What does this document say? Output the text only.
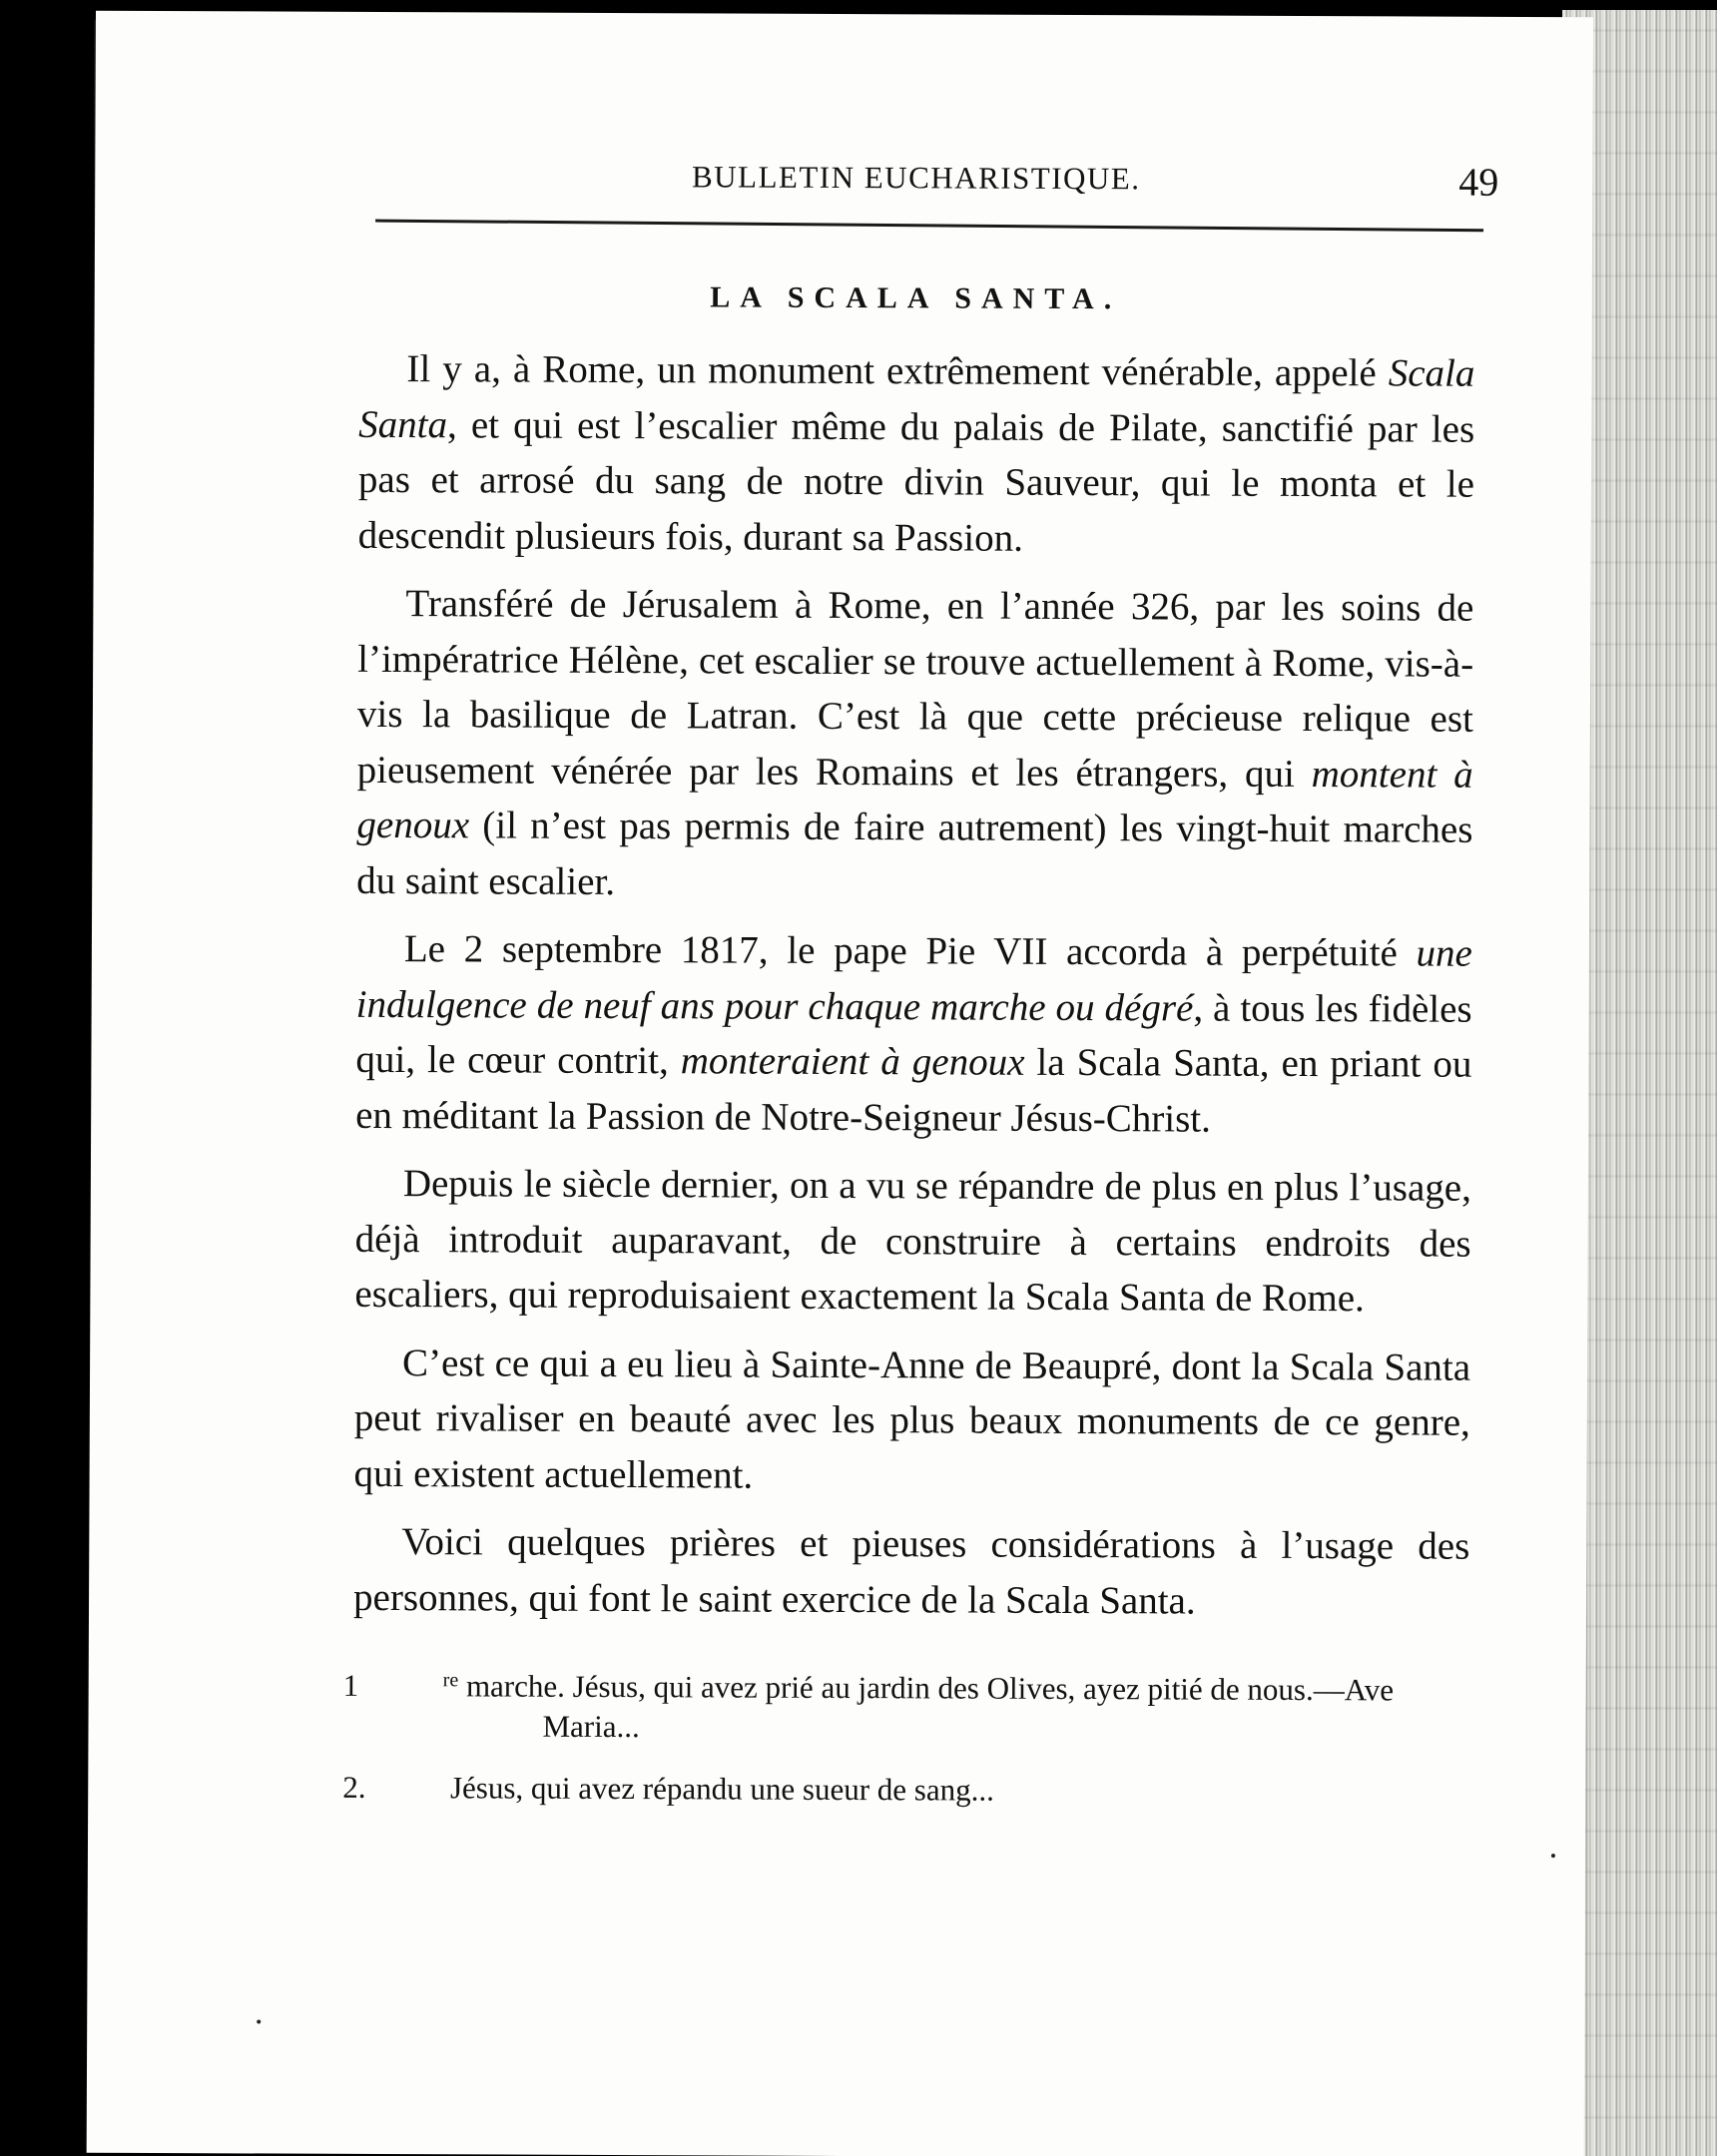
BULLETIN EUCHARISTIQUE.	49
LA SCALA SANTA.

Il y a, à Rome, un monument extrêmement vénérable, appelé Scala Santa, et qui est l’escalier même du palais de Pilate, sanctifié par les pas et arrosé du sang de notre divin Sauveur, qui le monta et le descendit plusieurs fois, durant sa Passion.

Transféré de Jérusalem à Rome, en l’année 326, par les soins de l’impératrice Hélène, cet escalier se trouve actuellement à Rome, vis-à-vis la basilique de Latran. C’est là que cette précieuse relique est pieusement vénérée par les Romains et les étrangers, qui montent à genoux (il n’est pas permis de faire autrement) les vingt-huit marches du saint escalier.

Le 2 septembre 1817, le pape Pie VII accorda à perpétuité une indulgence de neuf ans pour chaque marche ou dégré, à tous les fidèles qui, le cœur contrit, monteraient à genoux la Scala Santa, en priant ou en méditant la Passion de Notre-Seigneur Jésus-Christ.

Depuis le siècle dernier, on a vu se répandre de plus en plus l’usage, déjà introduit auparavant, de construire à certains endroits des escaliers, qui reproduisaient exactement la Scala Santa de Rome.

C’est ce qui a eu lieu à Sainte-Anne de Beaupré, dont la Scala Santa peut rivaliser en beauté avec les plus beaux monuments de ce genre, qui existent actuellement.

Voici quelques prières et pieuses considérations à l’usage des personnes, qui font le saint exercice de la Scala Santa.

1	$^{re}$ marche. Jésus, qui avez prié au jardin des Olives, ayez pitié de nous.—Ave Maria...
2. Jésus, qui avez répandu une sueur de sang...
